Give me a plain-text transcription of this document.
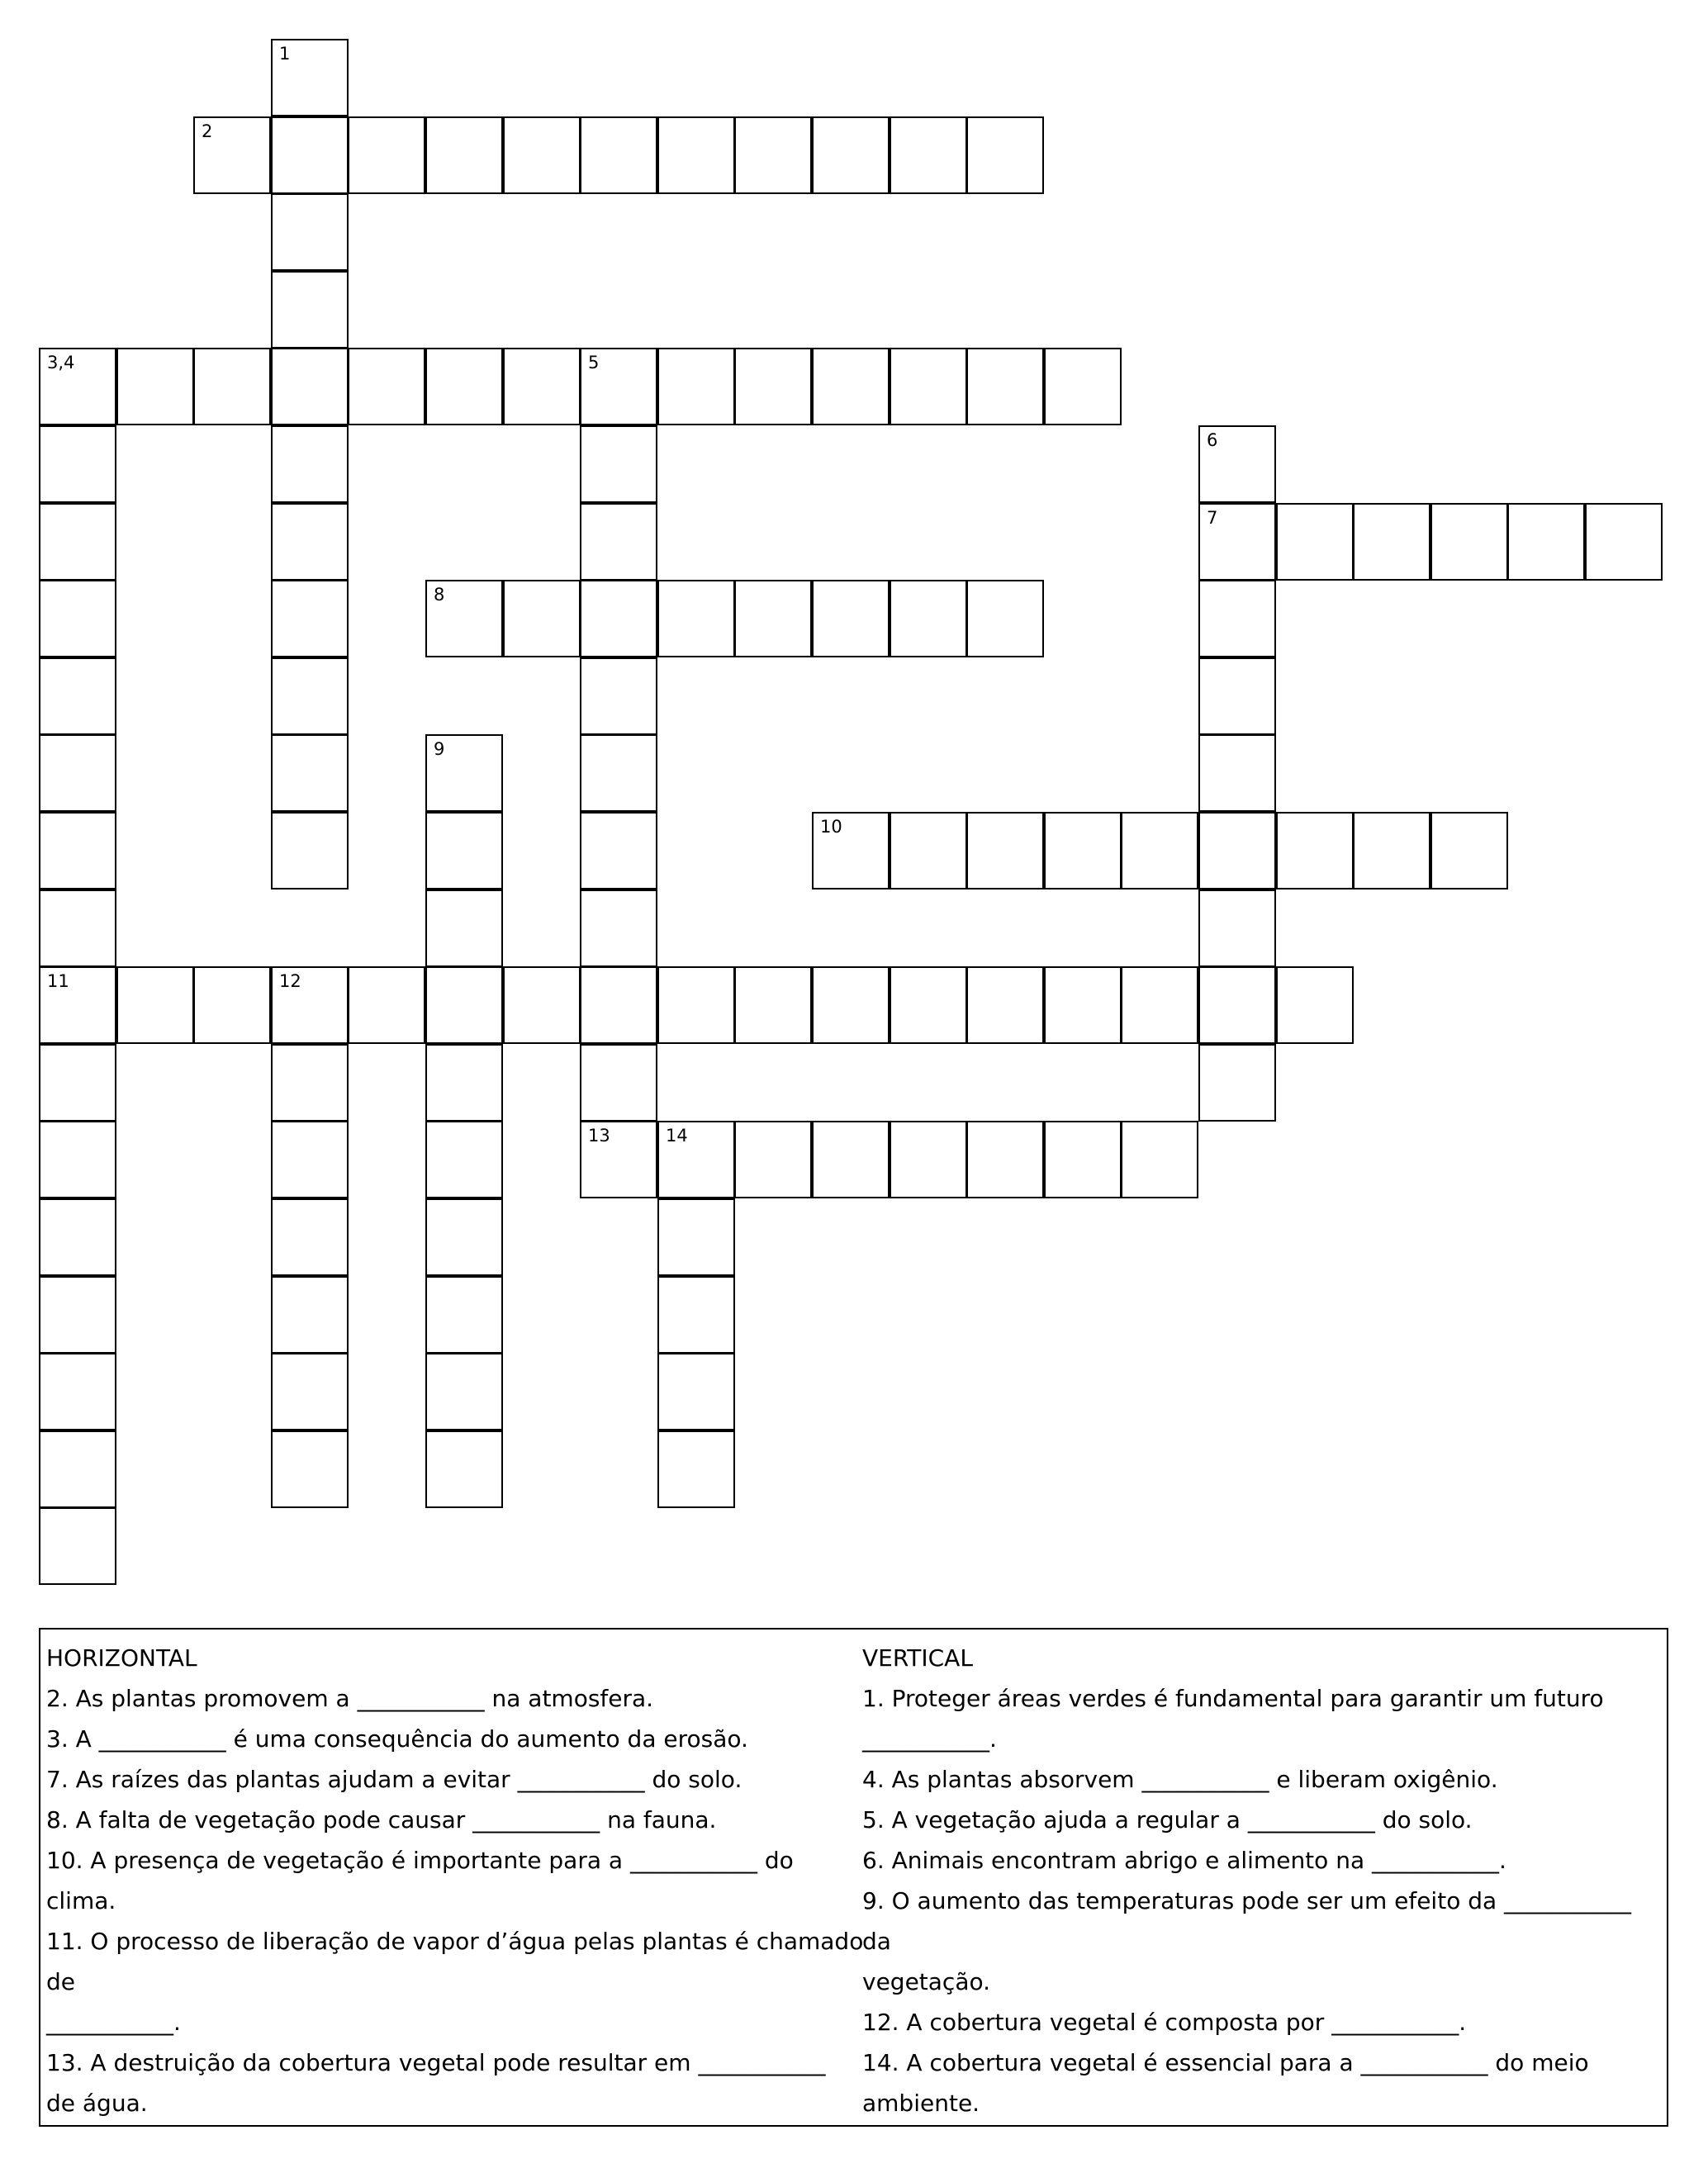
1
2
3,4	5
6
7
8
9
10
11	12
13	14
HORIZONTAL
2. As plantas promovem a ___________ na atmosfera.
3. A ___________ é uma consequência do aumento da erosão.
7. As raízes das plantas ajudam a evitar ___________ do solo.
8. A falta de vegetação pode causar ___________ na fauna.
10. A presença de vegetação é importante para a ___________ do
clima.
11. O processo de liberação de vapor d’água pelas plantas é chamado de
___________.
13. A destruição da cobertura vegetal pode resultar em ___________
de água.
VERTICAL
1. Proteger áreas verdes é fundamental para garantir um futuro
___________.
4. As plantas absorvem ___________ e liberam oxigênio.
5. A vegetação ajuda a regular a ___________ do solo.
6. Animais encontram abrigo e alimento na ___________.
9. O aumento das temperaturas pode ser um efeito da ___________ da
vegetação.
12. A cobertura vegetal é composta por ___________.
14. A cobertura vegetal é essencial para a ___________ do meio
ambiente.
